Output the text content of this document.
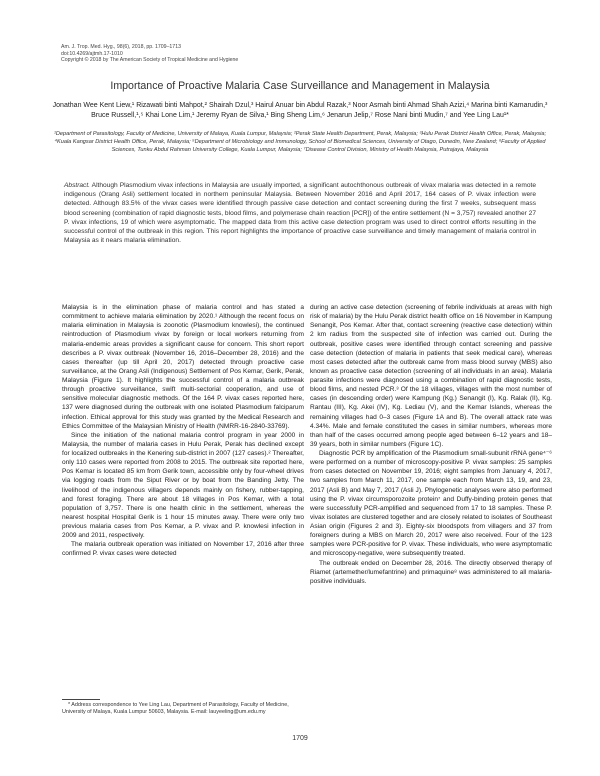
Am. J. Trop. Med. Hyg., 98(6), 2018, pp. 1709–1713
doi:10.4269/ajtmh.17-1010
Copyright © 2018 by The American Society of Tropical Medicine and Hygiene
Importance of Proactive Malaria Case Surveillance and Management in Malaysia
Jonathan Wee Kent Liew,¹ Rizawati binti Mahpot,² Shairah Dzul,³ Hairul Anuar bin Abdul Razak,³ Noor Asmah binti Ahmad Shah Azizi,⁴ Marina binti Kamarudin,³ Bruce Russell,¹,⁵ Khai Lone Lim,¹ Jeremy Ryan de Silva,¹ Bing Sheng Lim,⁶ Jenarun Jelip,⁷ Rose Nani binti Mudin,⁷ and Yee Ling Lau¹*
¹Department of Parasitology, Faculty of Medicine, University of Malaya, Kuala Lumpur, Malaysia; ²Perak State Health Department, Perak, Malaysia; ³Hulu Perak District Health Office, Perak, Malaysia; ⁴Kuala Kangsar District Health Office, Perak, Malaysia; ⁵Department of Microbiology and Immunology, School of Biomedical Sciences, University of Otago, Dunedin, New Zealand; ⁶Faculty of Applied Sciences, Tunku Abdul Rahman University College, Kuala Lumpur, Malaysia; ⁷Disease Control Division, Ministry of Health Malaysia, Putrajaya, Malaysia
Abstract. Although Plasmodium vivax infections in Malaysia are usually imported, a significant autochthonous outbreak of vivax malaria was detected in a remote indigenous (Orang Asli) settlement located in northern peninsular Malaysia. Between November 2016 and April 2017, 164 cases of P. vivax infection were detected. Although 83.5% of the vivax cases were identified through passive case detection and contact screening during the first 7 weeks, subsequent mass blood screening (combination of rapid diagnostic tests, blood films, and polymerase chain reaction [PCR]) of the entire settlement (N = 3,757) revealed another 27 P. vivax infections, 19 of which were asymptomatic. The mapped data from this active case detection program was used to direct control efforts resulting in the successful control of the outbreak in this region. This report highlights the importance of proactive case surveillance and timely management of malaria control in Malaysia as it nears malaria elimination.

Malaysia is in the elimination phase of malaria control and has stated a commitment to achieve malaria elimination by 2020.¹ Although the recent focus on malaria elimination in Malaysia is zoonotic (Plasmodium knowlesi), the continued reintroduction of Plasmodium vivax by foreign or local workers returning from malaria-endemic areas provides a significant cause for concern. This short report describes a P. vivax outbreak (November 16, 2016–December 28, 2016) and the cases thereafter (up till April 20, 2017) detected through proactive case surveillance, at the Orang Asli (Indigenous) Settlement of Pos Kemar, Gerik, Perak, Malaysia (Figure 1). It highlights the successful control of a malaria outbreak through proactive surveillance, swift multi-sectorial cooperation, and use of sensitive molecular diagnostic methods. Of the 164 P. vivax cases reported here, 137 were diagnosed during the outbreak with one isolated Plasmodium falciparum infection. Ethical approval for this study was granted by the Medical Research and Ethics Committee of the Malaysian Ministry of Health (NMRR-16-2840-33769).

Since the initiation of the national malaria control program in year 2000 in Malaysia, the number of malaria cases in Hulu Perak, Perak has declined except for localized outbreaks in the Kenering sub-district in 2007 (127 cases).² Thereafter, only 110 cases were reported from 2008 to 2015. The outbreak site reported here, Pos Kemar is located 85 km from Gerik town, accessible only by four-wheel drives via logging roads from the Siput River or by boat from the Banding Jetty. The livelihood of the indigenous villagers depends mainly on fishery, rubber-tapping, and forest foraging. There are about 18 villages in Pos Kemar, with a total population of 3,757. There is one health clinic in the settlement, whereas the nearest hospital Hospital Gerik is 1 hour 15 minutes away. There were only two previous malaria cases from Pos Kemar, a P. vivax and P. knowlesi infection in 2009 and 2011, respectively.

The malaria outbreak operation was initiated on November 17, 2016 after three confirmed P. vivax cases were detected

during an active case detection (screening of febrile individuals at areas with high risk of malaria) by the Hulu Perak district health office on 16 November in Kampung Senangit, Pos Kemar. After that, contact screening (reactive case detection) within 2 km radius from the suspected site of infection was carried out. During the outbreak, positive cases were identified through contact screening and passive case detection (detection of malaria in patients that seek medical care), whereas most cases detected after the outbreak came from mass blood survey (MBS) also known as proactive case detection (screening of all individuals in an area). Malaria parasite infections were diagnosed using a combination of rapid diagnostic tests, blood films, and nested PCR.³ Of the 18 villages, villages with the most number of cases (in descending order) were Kampung (Kg.) Senangit (I), Kg. Ralak (II), Kg. Rantau (III), Kg. Akei (IV), Kg. Lediau (V), and the Kemar Islands, whereas the remaining villages had 0–3 cases (Figure 1A and B). The overall attack rate was 4.34%. Male and female constituted the cases in similar numbers, whereas more than half of the cases occurred among people aged between 6–12 years and 18–39 years, both in similar numbers (Figure 1C).

Diagnostic PCR by amplification of the Plasmodium small-subunit rRNA gene⁴⁻⁶ were performed on a number of microscopy-positive P. vivax samples: 25 samples from cases detected on November 19, 2016; eight samples from January 4, 2017, two samples from March 11, 2017, one sample each from March 13, 19, and 23, 2017 (Asli B) and May 7, 2017 (Asli J). Phylogenetic analyses were also performed using the P. vivax circumsporozoite protein⁷ and Duffy-binding protein genes that were successfully PCR-amplified and sequenced from 17 to 18 samples. These P. vivax isolates are clustered together and are closely related to isolates of Southeast Asian origin (Figures 2 and 3). Eighty-six bloodspots from villagers and 37 from foreigners during a MBS on March 20, 2017 were also received. Four of the 123 samples were PCR-positive for P. vivax. These individuals, who were asymptomatic and microscopy-negative, were subsequently treated.

The outbreak ended on December 28, 2016. The directly observed therapy of Riamet (artemether/lumefantrine) and primaquine⁸ was administered to all malaria-positive individuals.

* Address correspondence to Yee Ling Lau, Department of Parasitology, Faculty of Medicine, University of Malaya, Kuala Lumpur 50603, Malaysia. E-mail: lauyeeling@um.edu.my
1709
